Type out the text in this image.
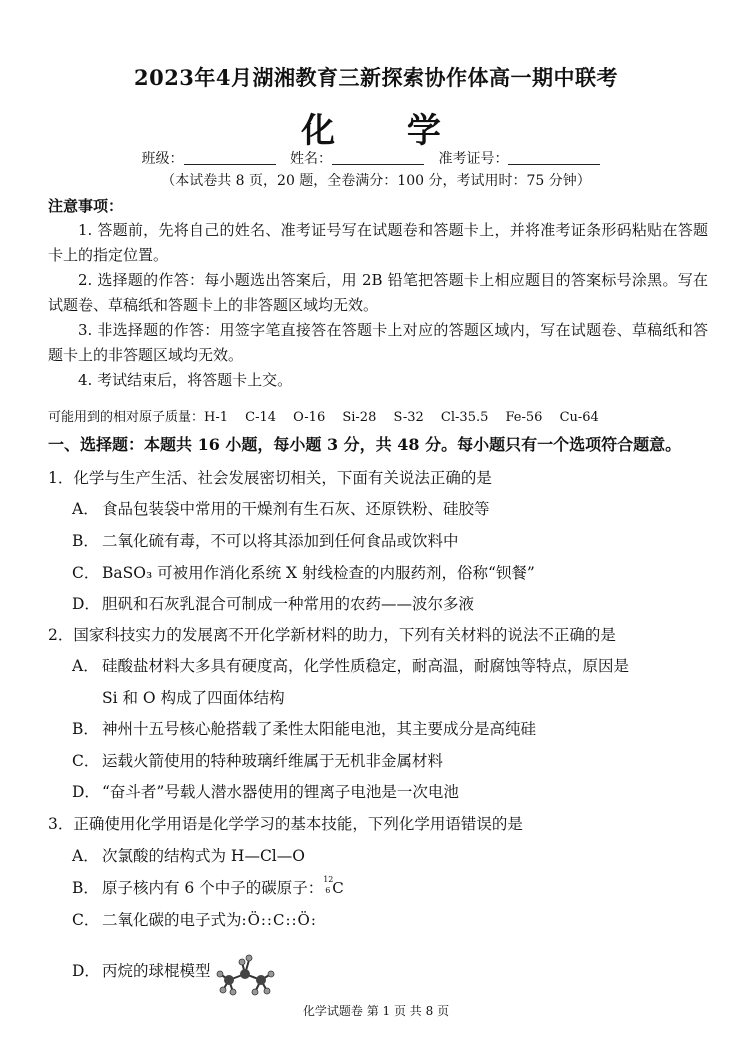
2023年4月湖湘教育三新探索协作体高一期中联考
化 学
班级：	姓名：	准考证号：
（本试卷共 8 页，20 题，全卷满分：100 分，考试用时：75 分钟）
注意事项：

1. 答题前，先将自己的姓名、准考证号写在试题卷和答题卡上，并将准考证条形码粘贴在答题卡上的指定位置。

2. 选择题的作答：每小题选出答案后，用 2B 铅笔把答题卡上相应题目的答案标号涂黑。写在试题卷、草稿纸和答题卡上的非答题区域均无效。

3. 非选择题的作答：用签字笔直接答在答题卡上对应的答题区域内，写在试题卷、草稿纸和答题卡上的非答题区域均无效。

4. 考试结束后，将答题卡上交。

可能用到的相对原子质量：H-1　 C-14　 O-16　 Si-28　 S-32　 Cl-35.5　 Fe-56　 Cu-64
一、选择题：本题共 16 小题，每小题 3 分，共 48 分。每小题只有一个选项符合题意。
1．化学与生产生活、社会发展密切相关，下面有关说法正确的是
A． 食品包装袋中常用的干燥剂有生石灰、还原铁粉、硅胶等
B． 二氧化硫有毒，不可以将其添加到任何食品或饮料中
C． BaSO₃ 可被用作消化系统 X 射线检查的内服药剂，俗称“钡餐”
D． 胆矾和石灰乳混合可制成一种常用的农药——波尔多液
2．国家科技实力的发展离不开化学新材料的助力，下列有关材料的说法不正确的是
A． 硅酸盐材料大多具有硬度高，化学性质稳定，耐高温，耐腐蚀等特点，原因是
Si 和 O 构成了四面体结构
B． 神州十五号核心舱搭载了柔性太阳能电池，其主要成分是高纯硅
C． 运载火箭使用的特种玻璃纤维属于无机非金属材料
D． “奋斗者”号载人潜水器使用的锂离子电池是一次电池
3．正确使用化学用语是化学学习的基本技能，下列化学用语错误的是
A． 次氯酸的结构式为 H—Cl—O
B． 原子核内有 6 个中子的碳原子： 12
6 C
C． 二氧化碳的电子式为:Ö::C::Ö:
D． 丙烷的球棍模型
化学试题卷 第 1 页 共 8 页
